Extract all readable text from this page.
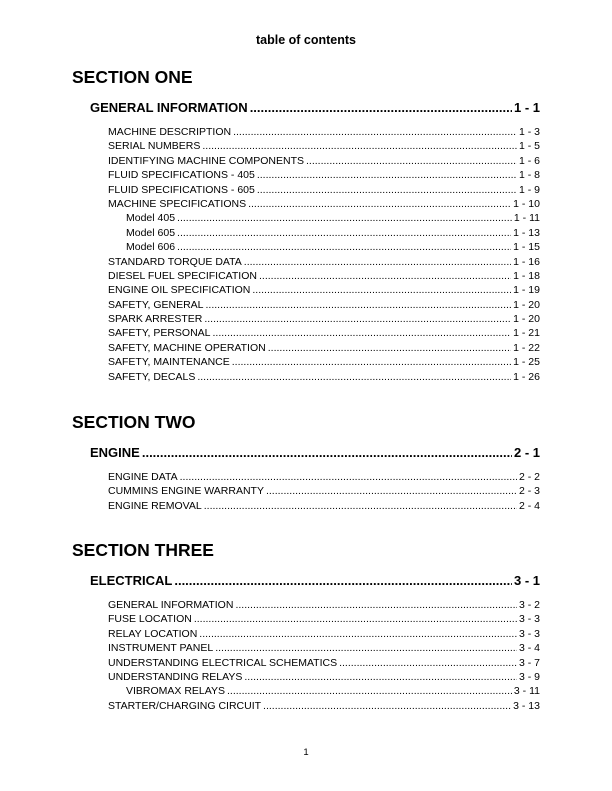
table of contents
SECTION ONE
GENERAL INFORMATION .....	1 - 1
MACHINE DESCRIPTION .....	1 - 3
SERIAL NUMBERS .....	1 - 5
IDENTIFYING MACHINE COMPONENTS .....	1 - 6
FLUID SPECIFICATIONS - 405 .....	1 - 8
FLUID SPECIFICATIONS - 605 .....	1 - 9
MACHINE SPECIFICATIONS .....	1 - 10
Model 405 .....	1 - 11
Model 605 .....	1 - 13
Model 606 .....	1 - 15
STANDARD TORQUE DATA .....	1 - 16
DIESEL FUEL SPECIFICATION .....	1 - 18
ENGINE OIL SPECIFICATION .....	1 - 19
SAFETY, GENERAL .....	1 - 20
SPARK ARRESTER .....	1 - 20
SAFETY, PERSONAL .....	1 - 21
SAFETY, MACHINE OPERATION .....	1 - 22
SAFETY, MAINTENANCE .....	1 - 25
SAFETY, DECALS .....	1 - 26
SECTION TWO
ENGINE .....	2 - 1
ENGINE DATA .....	2 - 2
CUMMINS ENGINE WARRANTY .....	2 - 3
ENGINE REMOVAL .....	2 - 4
SECTION THREE
ELECTRICAL .....	3 - 1
GENERAL INFORMATION .....	3 - 2
FUSE LOCATION .....	3 - 3
RELAY LOCATION .....	3 - 3
INSTRUMENT PANEL .....	3 - 4
UNDERSTANDING ELECTRICAL SCHEMATICS .....	3 - 7
UNDERSTANDING RELAYS .....	3 - 9
VIBROMAX RELAYS .....	3 - 11
STARTER/CHARGING CIRCUIT .....	3 - 13
1
